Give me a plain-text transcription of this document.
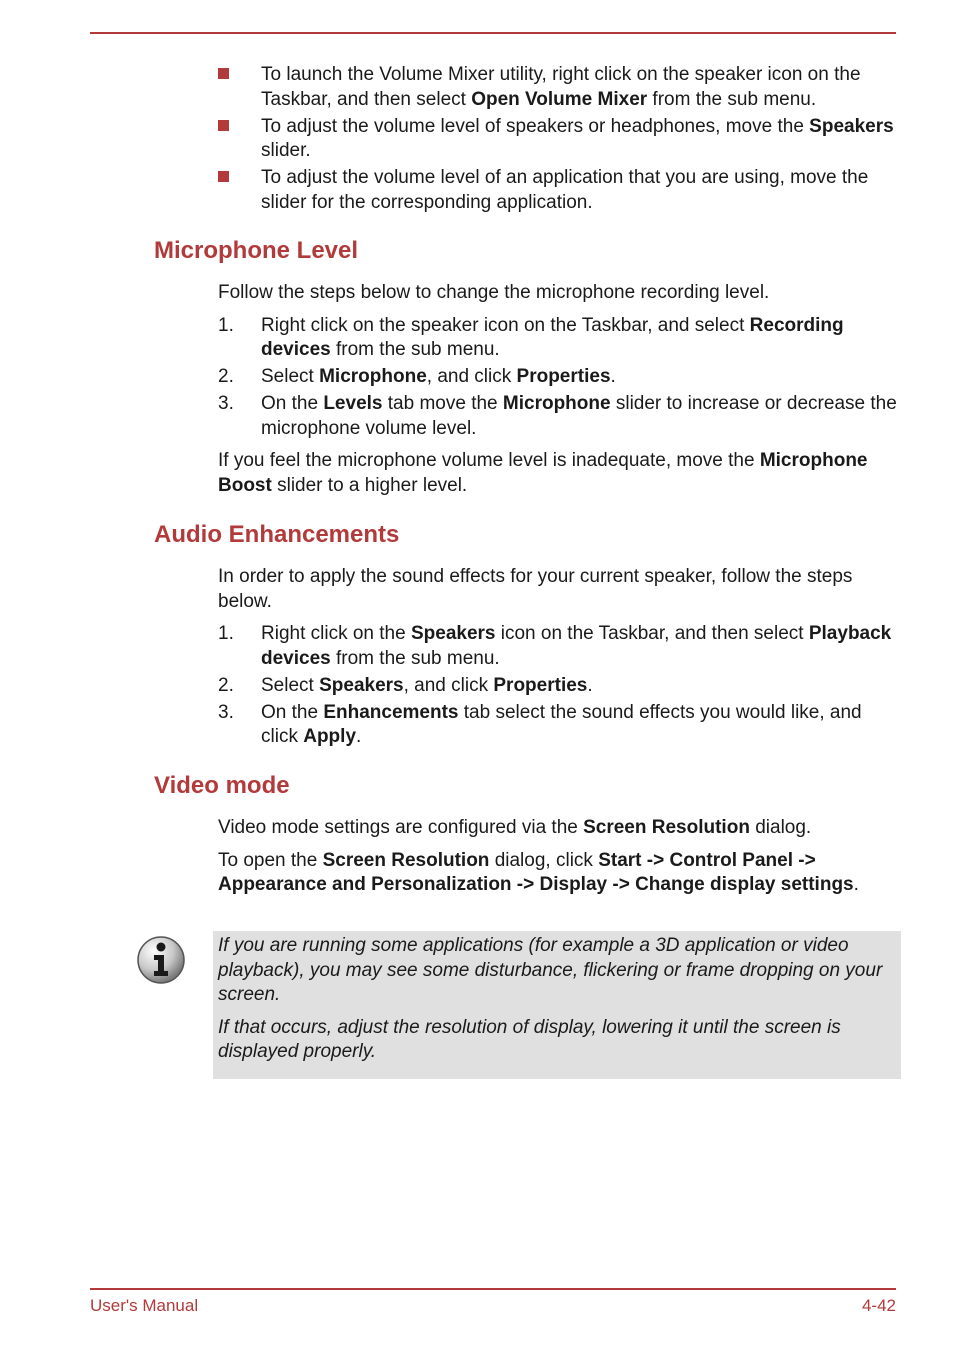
To launch the Volume Mixer utility, right click on the speaker icon on the Taskbar, and then select Open Volume Mixer from the sub menu.
To adjust the volume level of speakers or headphones, move the Speakers slider.
To adjust the volume level of an application that you are using, move the slider for the corresponding application.
Microphone Level

Follow the steps below to change the microphone recording level.

1. Right click on the speaker icon on the Taskbar, and select Recording devices from the sub menu.
2. Select Microphone, and click Properties.
3. On the Levels tab move the Microphone slider to increase or decrease the microphone volume level.

If you feel the microphone volume level is inadequate, move the Microphone Boost slider to a higher level.

Audio Enhancements

In order to apply the sound effects for your current speaker, follow the steps below.

1. Right click on the Speakers icon on the Taskbar, and then select Playback devices from the sub menu.
2. Select Speakers, and click Properties.
3. On the Enhancements tab select the sound effects you would like, and click Apply.
Video mode

Video mode settings are configured via the Screen Resolution dialog.

To open the Screen Resolution dialog, click Start -> Control Panel -> Appearance and Personalization -> Display -> Change display settings.

If you are running some applications (for example a 3D application or video playback), you may see some disturbance, flickering or frame dropping on your screen.

If that occurs, adjust the resolution of display, lowering it until the screen is displayed properly.

User's Manual	4-42
